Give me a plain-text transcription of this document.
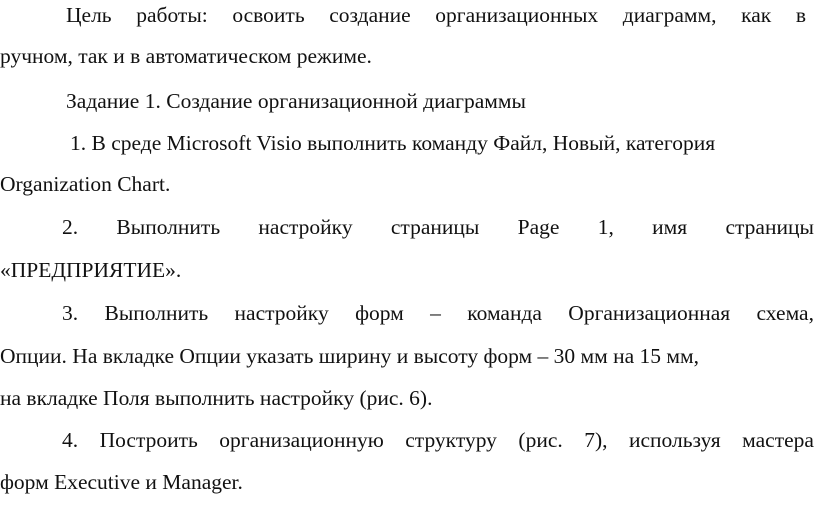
Цель работы: освоить создание организационных диаграмм, как в
ручном, так и в автоматическом режиме.
Задание 1. Создание организационной диаграммы
1. В среде Microsoft Visio выполнить команду Файл, Новый, категория
Organization Chart.
2. Выполнить настройку страницы Page 1, имя страницы
«ПРЕДПРИЯТИЕ».
3. Выполнить настройку форм – команда Организационная схема,
Опции. На вкладке Опции указать ширину и высоту форм – 30 мм на 15 мм,
на вкладке Поля выполнить настройку (рис. 6).
4. Построить организационную структуру (рис. 7), используя мастера
форм Executive и Manager.
